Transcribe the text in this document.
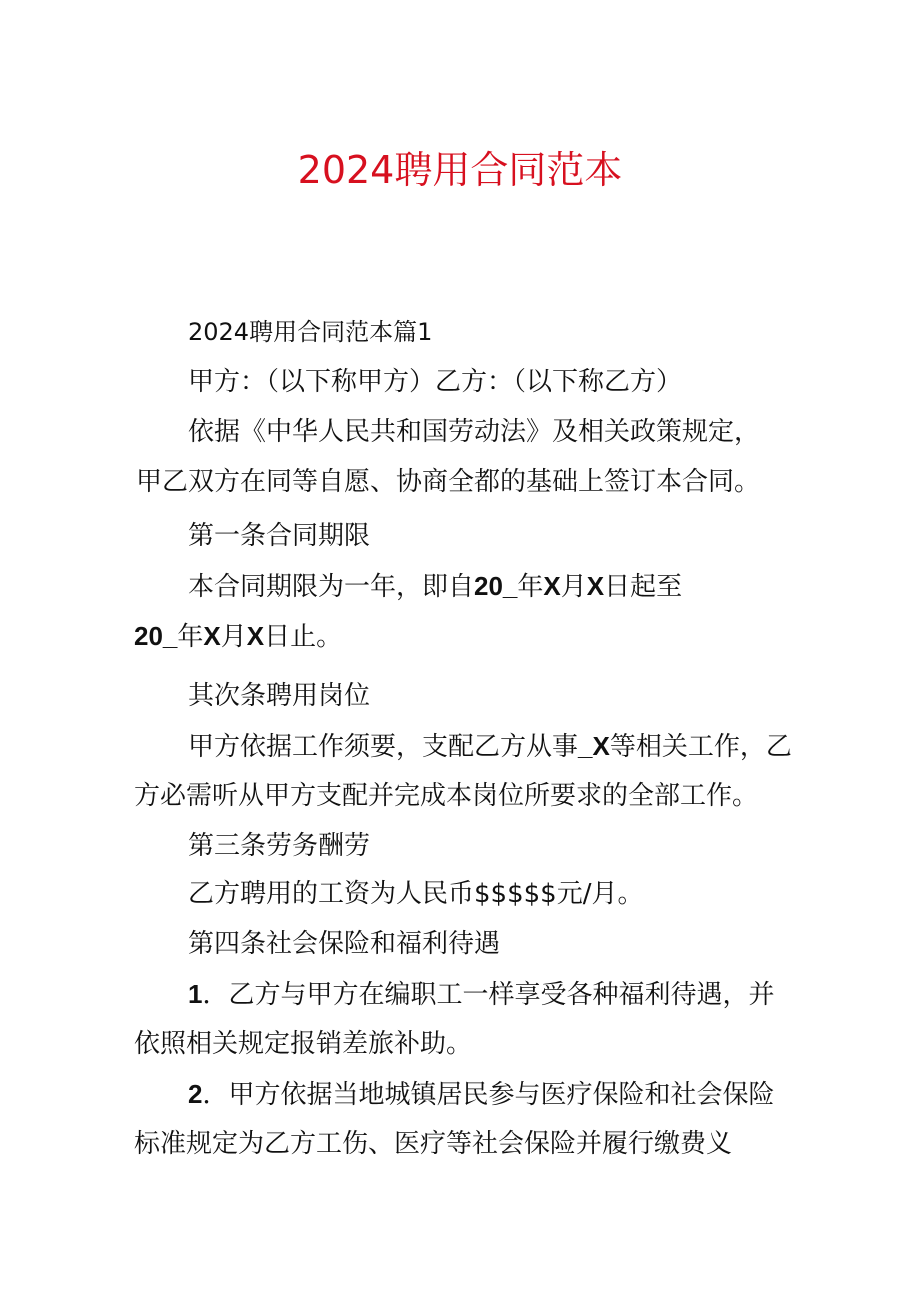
2024聘用合同范本
2024聘用合同范本篇1
甲方：（以下称甲方）乙方：（以下称乙方）
依据《中华人民共和国劳动法》及相关政策规定，
甲乙双方在同等自愿、协商全都的基础上签订本合同。
第一条合同期限
本合同期限为一年，即自20_年X月X日起至
20_年X月X日止。
其次条聘用岗位
甲方依据工作须要，支配乙方从事_X等相关工作，乙
方必需听从甲方支配并完成本岗位所要求的全部工作。
第三条劳务酬劳
乙方聘用的工资为人民币$$$$$元/月。
第四条社会保险和福利待遇
1．乙方与甲方在编职工一样享受各种福利待遇，并
依照相关规定报销差旅补助。
2．甲方依据当地城镇居民参与医疗保险和社会保险
标准规定为乙方工伤、医疗等社会保险并履行缴费义
